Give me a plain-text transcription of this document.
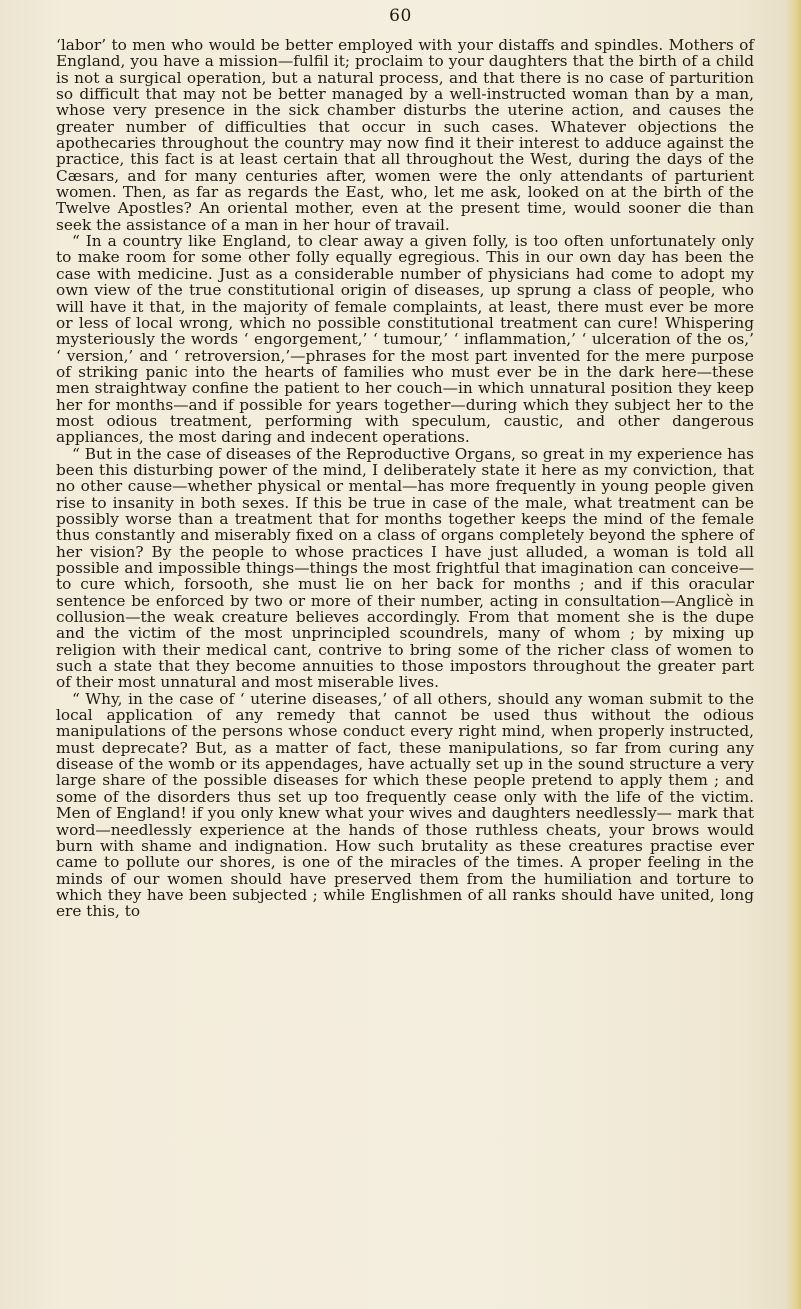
60

‘labor’ to men who would be better employed with your distaffs and spindles. Mothers of England, you have a mission—fulfil it; proclaim to your daughters that the birth of a child is not a surgical operation, but a natural process, and that there is no case of parturition so difficult that may not be better managed by a well-instructed woman than by a man, whose very presence in the sick chamber disturbs the uterine action, and causes the greater number of difficulties that occur in such cases. Whatever objections the apothecaries throughout the country may now find it their interest to adduce against the practice, this fact is at least certain that all throughout the West, during the days of the Cæsars, and for many centuries after, women were the only attendants of parturient women. Then, as far as regards the East, who, let me ask, looked on at the birth of the Twelve Apostles? An oriental mother, even at the present time, would sooner die than seek the assistance of a man in her hour of travail.

“ In a country like England, to clear away a given folly, is too often unfortunately only to make room for some other folly equally egregious. This in our own day has been the case with medicine. Just as a considerable number of physicians had come to adopt my own view of the true constitutional origin of diseases, up sprung a class of people, who will have it that, in the majority of female complaints, at least, there must ever be more or less of local wrong, which no possible constitutional treatment can cure! Whispering mysteriously the words ‘ engorgement,’ ‘ tumour,’ ‘ inflammation,’ ‘ ulceration of the os,’ ‘ version,’ and ‘ retroversion,’—phrases for the most part invented for the mere purpose of striking panic into the hearts of families who must ever be in the dark here—these men straightway confine the patient to her couch—in which unnatural position they keep her for months—and if possible for years together—during which they subject her to the most odious treatment, performing with speculum, caustic, and other dangerous appliances, the most daring and indecent operations.

“ But in the case of diseases of the Reproductive Organs, so great in my experience has been this disturbing power of the mind, I deliberately state it here as my conviction, that no other cause—whether physical or mental—has more frequently in young people given rise to insanity in both sexes. If this be true in case of the male, what treatment can be possibly worse than a treatment that for months together keeps the mind of the female thus constantly and miserably fixed on a class of organs completely beyond the sphere of her vision? By the people to whose practices I have just alluded, a woman is told all possible and impossible things—things the most frightful that imagination can conceive—to cure which, forsooth, she must lie on her back for months ; and if this oracular sentence be enforced by two or more of their number, acting in consultation—Anglicè in collusion—the weak creature believes accordingly. From that moment she is the dupe and the victim of the most unprincipled scoundrels, many of whom ; by mixing up religion with their medical cant, contrive to bring some of the richer class of women to such a state that they become annuities to those impostors throughout the greater part of their most unnatural and most miserable lives.

“ Why, in the case of ‘ uterine diseases,’ of all others, should any woman submit to the local application of any remedy that cannot be used thus without the odious manipulations of the persons whose conduct every right mind, when properly instructed, must deprecate? But, as a matter of fact, these manipulations, so far from curing any disease of the womb or its appendages, have actually set up in the sound structure a very large share of the possible diseases for which these people pretend to apply them ; and some of the disorders thus set up too frequently cease only with the life of the victim. Men of England! if you only knew what your wives and daughters needlessly— mark that word—needlessly experience at the hands of those ruthless cheats, your brows would burn with shame and indignation. How such brutality as these creatures practise ever came to pollute our shores, is one of the miracles of the times. A proper feeling in the minds of our women should have preserved them from the humiliation and torture to which they have been subjected ; while Englishmen of all ranks should have united, long ere this, to
